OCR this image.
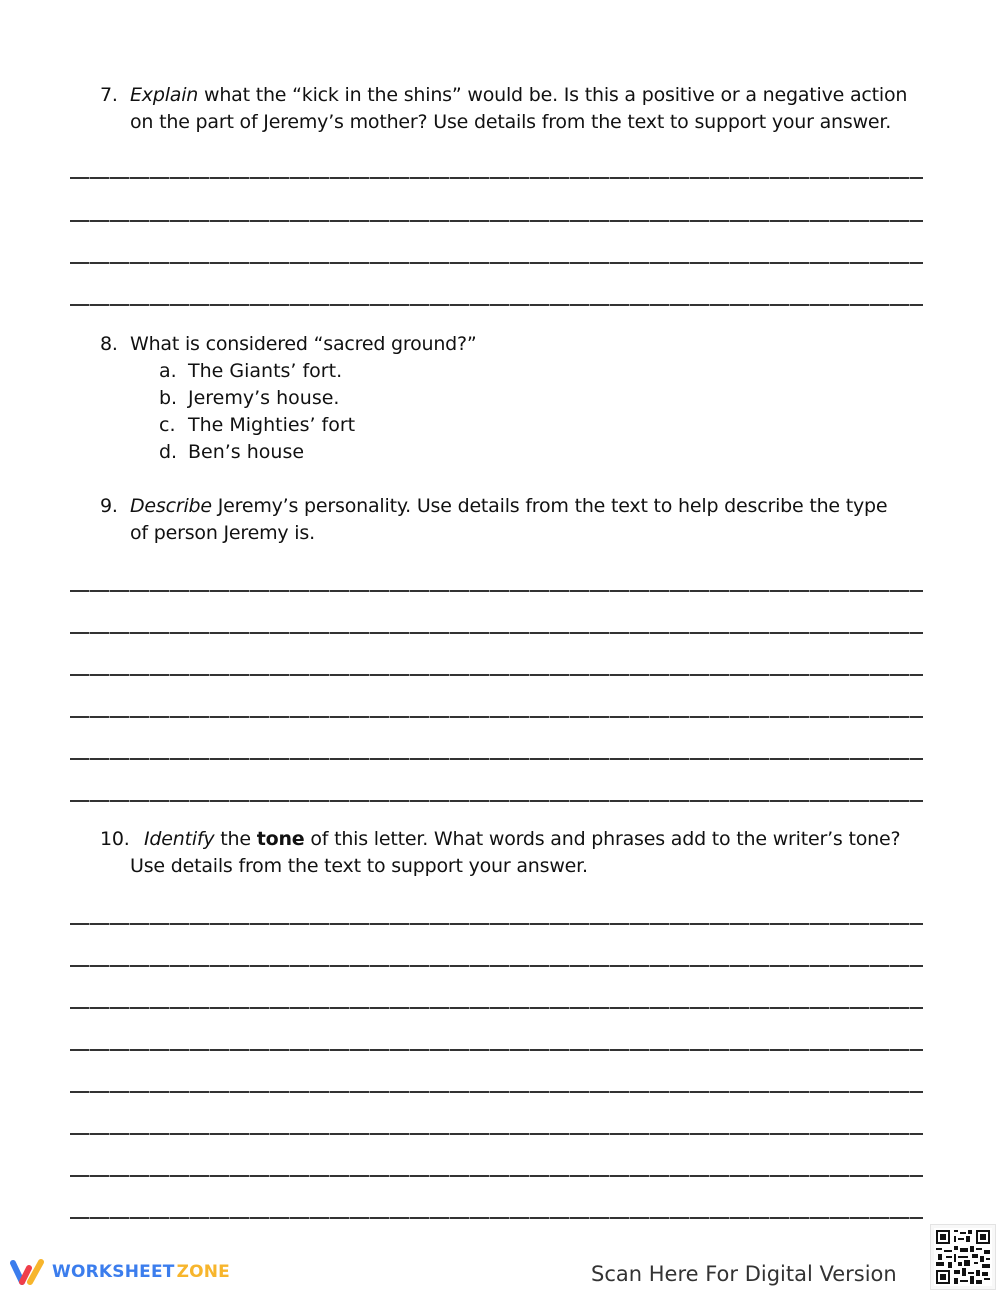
7. Explain what the “kick in the shins” would be. Is this a positive or a negative action
on the part of Jeremy’s mother? Use details from the text to support your answer.
8. What is considered “sacred ground?”
a. The Giants’ fort.
b. Jeremy’s house.
c. The Mighties’ fort
d. Ben’s house
9. Describe Jeremy’s personality. Use details from the text to help describe the type
of person Jeremy is.
10. Identify the tone of this letter. What words and phrases add to the writer’s tone?
Use details from the text to support your answer.
WORKSHEET ZONE	Scan Here For Digital Version
